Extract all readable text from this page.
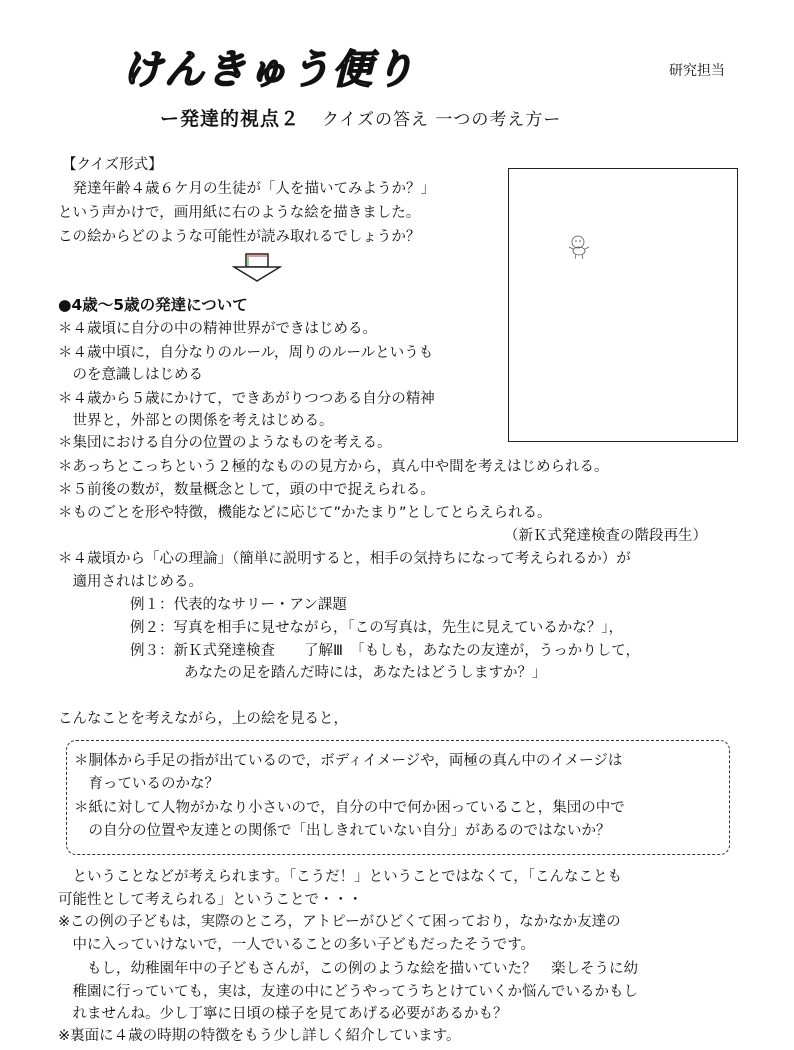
けんきゅう便り	研究担当
ー発達的視点２ クイズの答え 一つの考え方ー
【クイズ形式】
　発達年齢４歳６ケ月の生徒が「人を描いてみようか？」
という声かけで，画用紙に右のような絵を描きました。
この絵からどのような可能性が読み取れるでしょうか？
●4歳～5歳の発達について
＊４歳頃に自分の中の精神世界ができはじめる。
＊４歳中頃に，自分なりのルール，周りのルールというも
　のを意識しはじめる
＊４歳から５歳にかけて，できあがりつつある自分の精神
　世界と，外部との関係を考えはじめる。
＊集団における自分の位置のようなものを考える。
＊あっちとこっちという２極的なものの見方から，真ん中や間を考えはじめられる。
＊５前後の数が，数量概念として，頭の中で捉えられる。
＊ものごとを形や特徴，機能などに応じて”かたまり”としてとらえられる。
（新Ｋ式発達検査の階段再生）
＊４歳頃から「心の理論」（簡単に説明すると，相手の気持ちになって考えられるか）が
　適用されはじめる。
例１：代表的なサリー・アン課題
例２：写真を相手に見せながら，「この写真は，先生に見えているかな？」，
例３：新Ｋ式発達検査　　了解Ⅲ　「もしも，あなたの友達が，うっかりして，
あなたの足を踏んだ時には，あなたはどうしますか？」
こんなことを考えながら，上の絵を見ると，
＊胴体から手足の指が出ているので，ボディイメージや，両極の真ん中のイメージは
　育っているのかな？
＊紙に対して人物がかなり小さいので，自分の中で何か困っていること，集団の中で
　の自分の位置や友達との関係で「出しきれていない自分」があるのではないか？
　ということなどが考えられます。「こうだ！」ということではなくて，「こんなことも
可能性として考えられる」ということで・・・
※この例の子どもは，実際のところ，アトピーがひどくて困っており，なかなか友達の
　中に入っていけないで，一人でいることの多い子どもだったそうです。
　　もし，幼稚園年中の子どもさんが，この例のような絵を描いていた？　楽しそうに幼
　稚園に行っていても，実は，友達の中にどうやってうちとけていくか悩んでいるかもし
　れませんね。少し丁寧に日頃の様子を見てあげる必要があるかも？
※裏面に４歳の時期の特徴をもう少し詳しく紹介しています。
